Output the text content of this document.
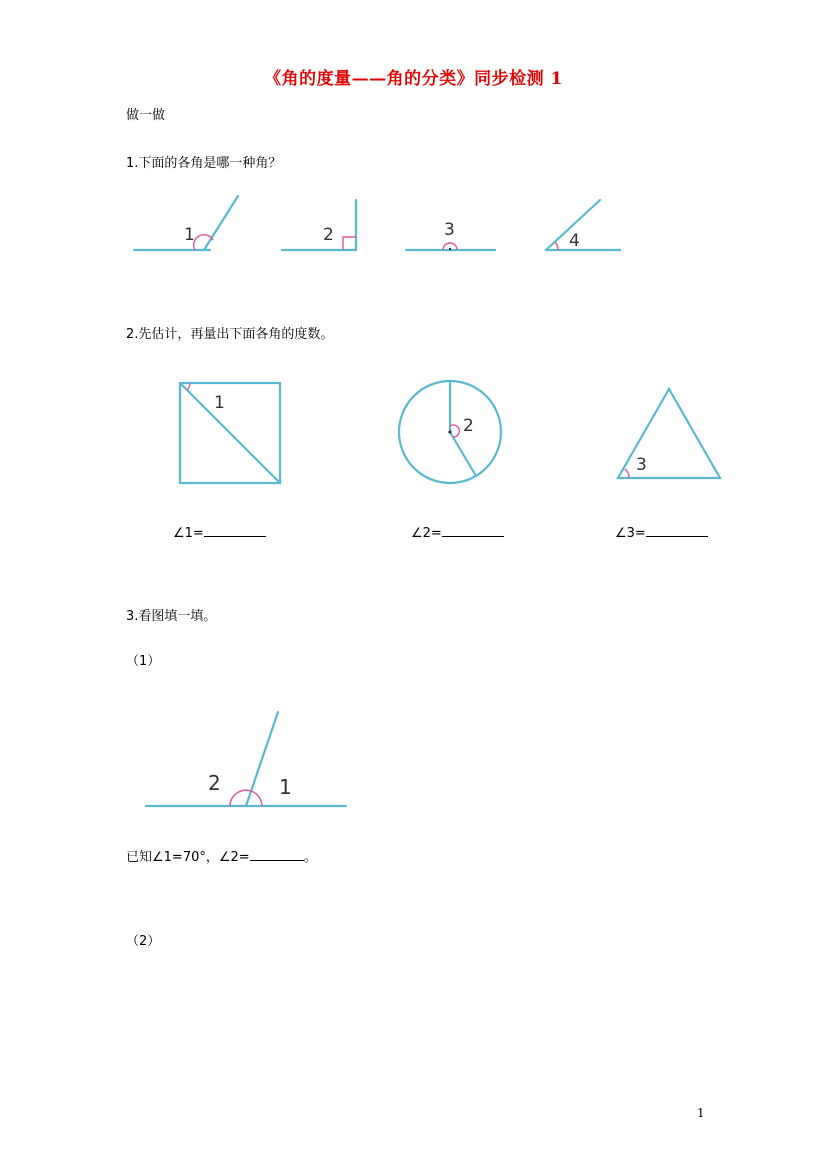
《角的度量——角的分类》同步检测 1
做一做
1.下面的各角是哪一种角？
1	2	3
4
2.先估计，再量出下面各角的度数。
1
2
3
∠1=	∠2=	∠3=
3.看图填一填。
（1）
2	1
已知∠1=70°，∠2=	。
（2）
1
